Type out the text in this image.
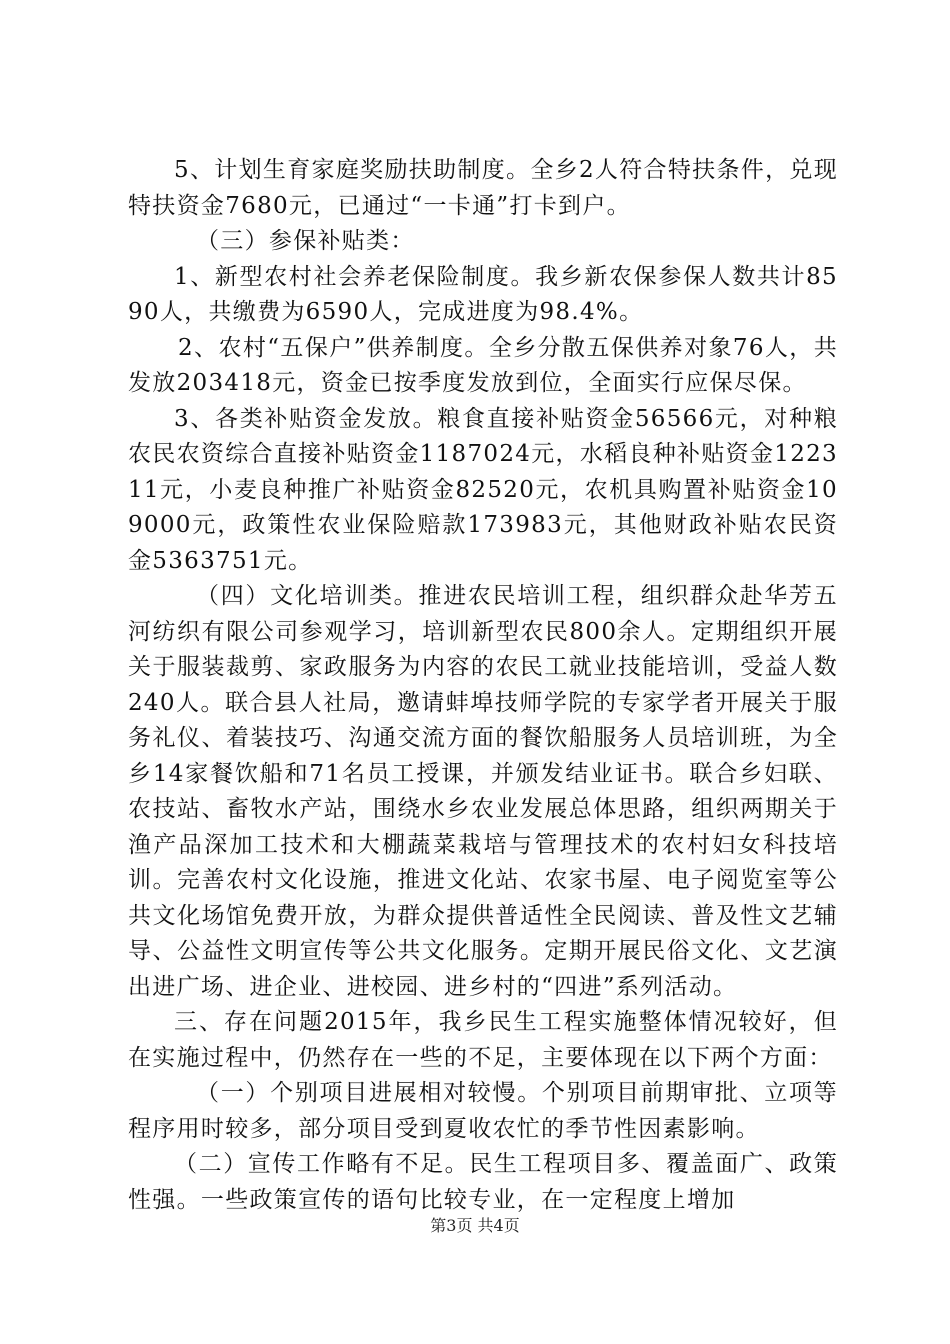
5、计划生育家庭奖励扶助制度。全乡2人符合特扶条件，兑现特扶资金7680元，已通过“一卡通”打卡到户。

（三）参保补贴类：

1、新型农村社会养老保险制度。我乡新农保参保人数共计8590人，共缴费为6590人，完成进度为98.4%。

2、农村“五保户”供养制度。全乡分散五保供养对象76人，共发放203418元，资金已按季度发放到位，全面实行应保尽保。

3、各类补贴资金发放。粮食直接补贴资金56566元，对种粮农民农资综合直接补贴资金1187024元，水稻良种补贴资金122311元，小麦良种推广补贴资金82520元，农机具购置补贴资金109000元，政策性农业保险赔款173983元，其他财政补贴农民资金5363751元。

（四）文化培训类。推进农民培训工程，组织群众赴华芳五河纺织有限公司参观学习，培训新型农民800余人。定期组织开展关于服装裁剪、家政服务为内容的农民工就业技能培训，受益人数240人。联合县人社局，邀请蚌埠技师学院的专家学者开展关于服务礼仪、着装技巧、沟通交流方面的餐饮船服务人员培训班，为全乡14家餐饮船和71名员工授课，并颁发结业证书。联合乡妇联、农技站、畜牧水产站，围绕水乡农业发展总体思路，组织两期关于渔产品深加工技术和大棚蔬菜栽培与管理技术的农村妇女科技培训。完善农村文化设施，推进文化站、农家书屋、电子阅览室等公共文化场馆免费开放，为群众提供普适性全民阅读、普及性文艺辅导、公益性文明宣传等公共文化服务。定期开展民俗文化、文艺演出进广场、进企业、进校园、进乡村的“四进”系列活动。

三、存在问题2015年，我乡民生工程实施整体情况较好，但在实施过程中，仍然存在一些的不足，主要体现在以下两个方面：

（一）个别项目进展相对较慢。个别项目前期审批、立项等程序用时较多，部分项目受到夏收农忙的季节性因素影响。

（二）宣传工作略有不足。民生工程项目多、覆盖面广、政策性强。一些政策宣传的语句比较专业，在一定程度上增加

第3页 共4页
